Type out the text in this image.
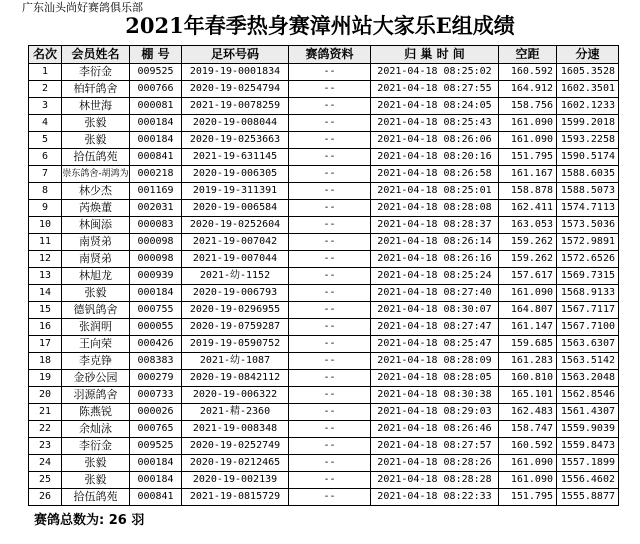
广东汕头尚好赛鸽俱乐部
2021年春季热身赛漳州站大家乐E组成绩
名次	会员姓名	棚 号	足环号码	赛鸽资料	归 巢 时 间	空距	分速
1	李衍金	009525	2019-19-0001834	--	2021-04-18 08:25:02	160.592	1605.3528
2	柏轩鸽舍	000766	2020-19-0254794	--	2021-04-18 08:27:55	164.912	1602.3501
3	林世海	000081	2021-19-0078259	--	2021-04-18 08:24:05	158.756	1602.1233
4	张毅	000184	2020-19-008044	--	2021-04-18 08:25:43	161.090	1599.2018
5	张毅	000184	2020-19-0253663	--	2021-04-18 08:26:06	161.090	1593.2258
6	拾伍鸽苑	000841	2021-19-631145	--	2021-04-18 08:20:16	151.795	1590.5174
7	崇东鸽舍-胡鸿为	000218	2020-19-006305	--	2021-04-18 08:26:58	161.167	1588.6035
8	林少杰	001169	2019-19-311391	--	2021-04-18 08:25:01	158.878	1588.5073
9	芮焕董	002031	2020-19-006584	--	2021-04-18 08:28:08	162.411	1574.7113
10	林闽添	000083	2020-19-0252604	--	2021-04-18 08:28:37	163.053	1573.5036
11	南贤弟	000098	2021-19-007042	--	2021-04-18 08:26:14	159.262	1572.9891
12	南贤弟	000098	2021-19-007044	--	2021-04-18 08:26:16	159.262	1572.6526
13	林旭龙	000939	2021-幼-1152	--	2021-04-18 08:25:24	157.617	1569.7315
14	张毅	000184	2020-19-006793	--	2021-04-18 08:27:40	161.090	1568.9133
15	德钒鸽舍	000755	2020-19-0296955	--	2021-04-18 08:30:07	164.807	1567.7117
16	张润明	000055	2020-19-0759287	--	2021-04-18 08:27:47	161.147	1567.7100
17	王向荣	000426	2019-19-0590752	--	2021-04-18 08:25:47	159.685	1563.6307
18	李克铮	008383	2021-幼-1087	--	2021-04-18 08:28:09	161.283	1563.5142
19	金砂公园	000279	2020-19-0842112	--	2021-04-18 08:28:05	160.810	1563.2048
20	羽源鸽舍	000733	2020-19-006322	--	2021-04-18 08:30:38	165.101	1562.8546
21	陈燕锐	000026	2021-精-2360	--	2021-04-18 08:29:03	162.483	1561.4307
22	余灿泳	000765	2021-19-008348	--	2021-04-18 08:26:46	158.747	1559.9039
23	李衍金	009525	2020-19-0252749	--	2021-04-18 08:27:57	160.592	1559.8473
24	张毅	000184	2020-19-0212465	--	2021-04-18 08:28:26	161.090	1557.1899
25	张毅	000184	2020-19-002139	--	2021-04-18 08:28:28	161.090	1556.4602
26	拾伍鸽苑	000841	2021-19-0815729	--	2021-04-18 08:22:33	151.795	1555.8877
赛鸽总数为: 26 羽
